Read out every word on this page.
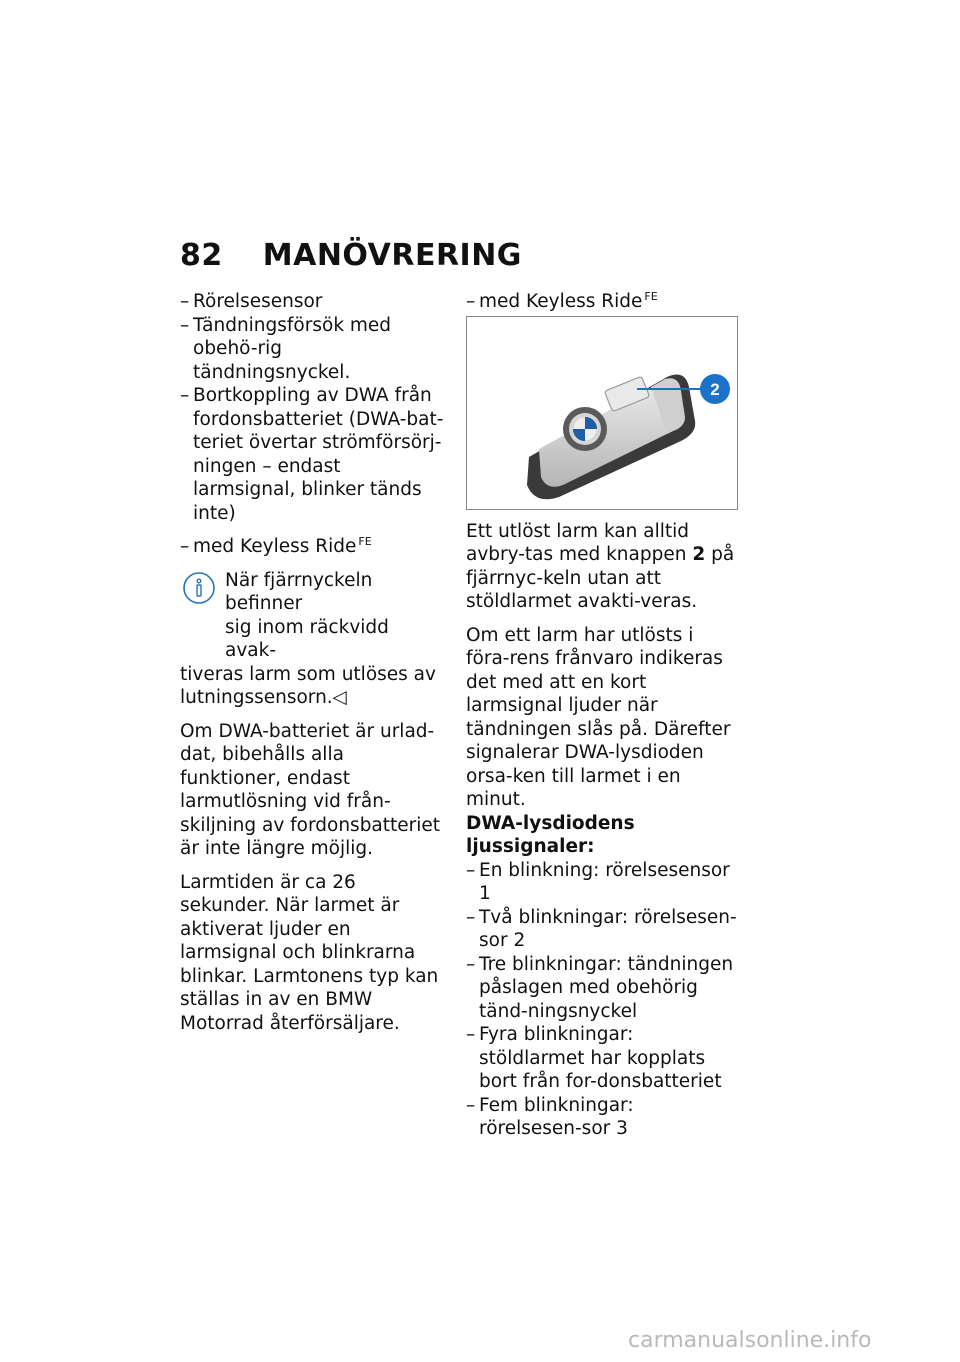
82 MANÖVRERING
– Rörelsesensor
– Tändningsförsök med obehö-rig tändningsnyckel.
– Bortkoppling av DWA från fordonsbatteriet (DWA-bat-teriet övertar strömförsörj-ningen – endast larmsignal, blinker tänds inte)
– med Keyless Ride $^{FE}$
När fjärrnyckeln befinner
sig inom räckvidd avak-
tiveras larm som utlöses av lutningssensorn.◁
Om DWA-batteriet är urlad-dat, bibehålls alla funktioner, endast larmutlösning vid från-skiljning av fordonsbatteriet är inte längre möjlig.
Larmtiden är ca 26 sekunder. När larmet är aktiverat ljuder en larmsignal och blinkrarna blinkar. Larmtonens typ kan ställas in av en BMW Motorrad återförsäljare.
– med Keyless Ride $^{FE}$
2
Ett utlöst larm kan alltid avbry-tas med knappen 2 på fjärrnyc-keln utan att stöldlarmet avakti-veras.
Om ett larm har utlösts i föra-rens frånvaro indikeras det med att en kort larmsignal ljuder när tändningen slås på. Därefter signalerar DWA-lysdioden orsa-ken till larmet i en minut.
DWA-lysdiodens ljussignaler:
– En blinkning: rörelsesensor 1
– Två blinkningar: rörelsesen-sor 2
– Tre blinkningar: tändningen påslagen med obehörig tänd-ningsnyckel
– Fyra blinkningar: stöldlarmet har kopplats bort från for-donsbatteriet
– Fem blinkningar: rörelsesen-sor 3
carmanualsonline.info
